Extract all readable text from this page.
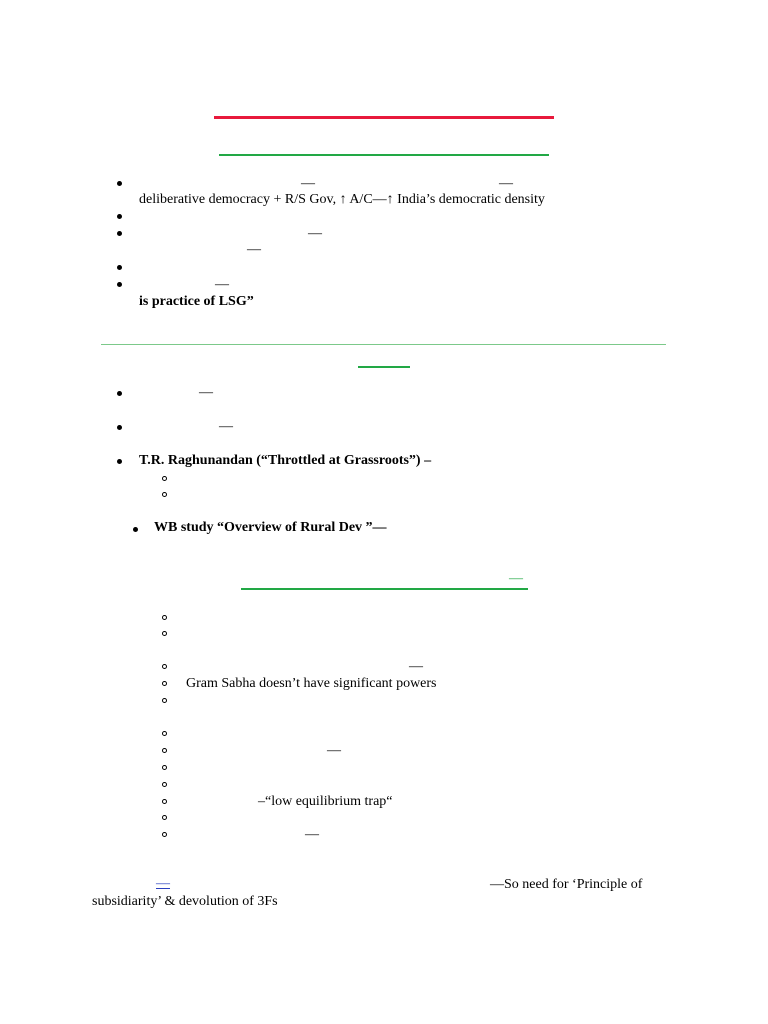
—	—
deliberative democracy + R/S Gov, ↑ A/C—↑ India’s democratic density
—
—
—
is practice of LSG”
—
—
T.R. Raghunandan (“Throttled at Grassroots”) –
WB study “Overview of Rural Dev ”—
—
—
Gram Sabha doesn’t have significant powers
—
–“low equilibrium trap“
—
—	—So need for ‘Principle of
subsidiarity’ & devolution of 3Fs
